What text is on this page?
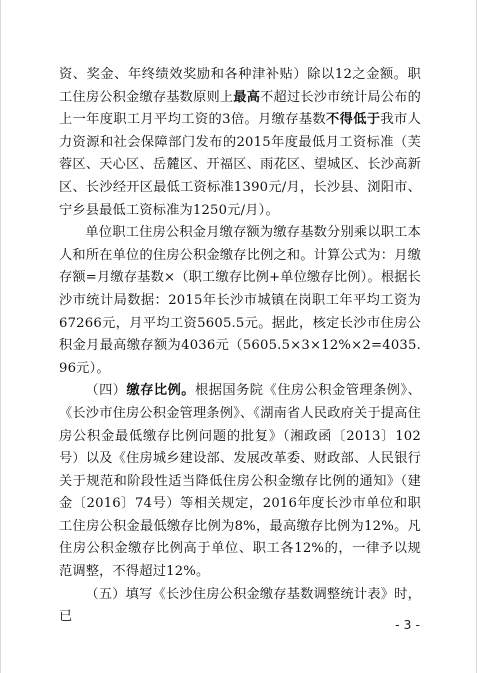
资、奖金、年终绩效奖励和各种津补贴）除以12之金额。职工住房公积金缴存基数原则上最高不超过长沙市统计局公布的上一年度职工月平均工资的3倍。月缴存基数不得低于我市人力资源和社会保障部门发布的2015年度最低月工资标准（芙蓉区、天心区、岳麓区、开福区、雨花区、望城区、长沙高新区、长沙经开区最低工资标准1390元/月，长沙县、浏阳市、宁乡县最低工资标准为1250元/月）。

单位职工住房公积金月缴存额为缴存基数分别乘以职工本人和所在单位的住房公积金缴存比例之和。计算公式为：月缴存额=月缴存基数×（职工缴存比例+单位缴存比例）。根据长沙市统计局数据：2015年长沙市城镇在岗职工年平均工资为67266元，月平均工资5605.5元。据此，核定长沙市住房公积金月最高缴存额为4036元（5605.5×3×12%×2=4035.96元）。

（四）缴存比例。根据国务院《住房公积金管理条例》、《长沙市住房公积金管理条例》、《湖南省人民政府关于提高住房公积金最低缴存比例问题的批复》（湘政函〔2013〕102号）以及《住房城乡建设部、发展改革委、财政部、人民银行关于规范和阶段性适当降低住房公积金缴存比例的通知》（建金〔2016〕74号）等相关规定，2016年度长沙市单位和职工住房公积金最低缴存比例为8%，最高缴存比例为12%。凡住房公积金缴存比例高于单位、职工各12%的，一律予以规范调整，不得超过12%。

（五）填写《长沙住房公积金缴存基数调整统计表》时，已

- 3 -
